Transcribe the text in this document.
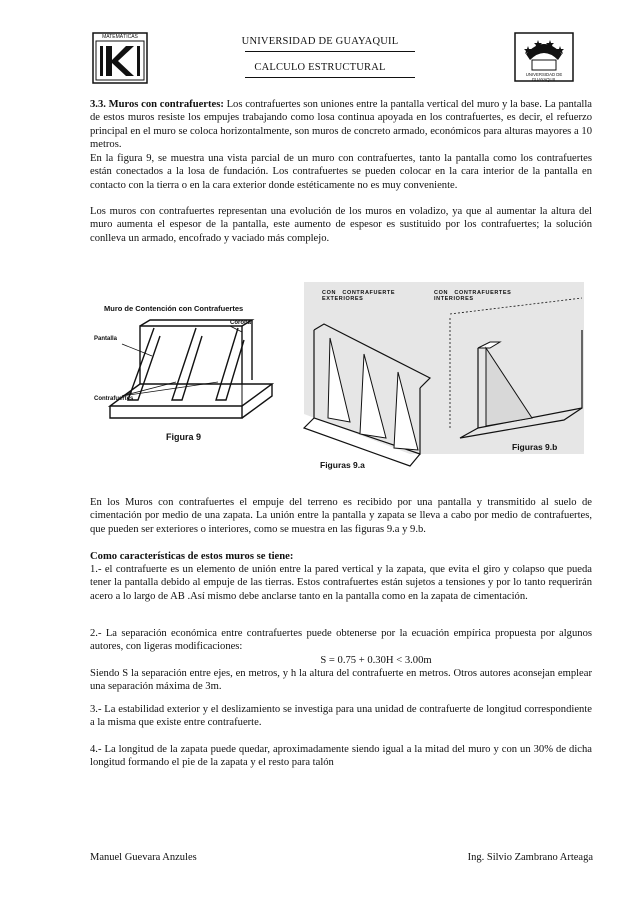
MATEMÁTICAS	UNIVERSIDAD DE GUAYAQUIL
CALCULO ESTRUCTURAL
UNIVERSIDAD DE GUAYAQUIL
3.3. Muros con contrafuertes: Los contrafuertes son uniones entre la pantalla vertical del muro y la base. La pantalla de estos muros resiste los empujes trabajando como losa continua apoyada en los contrafuertes, es decir, el refuerzo principal en el muro se coloca horizontalmente, son muros de concreto armado, económicos para alturas mayores a 10 metros.
En la figura 9, se muestra una vista parcial de un muro con contrafuertes, tanto la pantalla como los contrafuertes están conectados a la losa de fundación. Los contrafuertes se pueden colocar en la cara interior de la pantalla en contacto con la tierra o en la cara exterior donde estéticamente no es muy conveniente.
Los muros con contrafuertes representan una evolución de los muros en voladizo, ya que al aumentar la altura del muro aumenta el espesor de la pantalla, este aumento de espesor es sustituido por los contrafuertes; la solución conlleva un armado, encofrado y vaciado más complejo.
Muro de Contención con Contrafuertes
Corona
Pantalla
Contrafuertes
Figura 9
CON   CONTRAFUERTE
EXTERIORES
CON   CONTRAFUERTES
INTERIORES
Figuras 9.b
Figuras 9.a
En los Muros con contrafuertes el empuje del terreno es recibido por una pantalla y transmitido al suelo de cimentación por medio de una zapata. La unión entre la pantalla y zapata se lleva a cabo por medio de contrafuertes, que pueden ser exteriores o interiores, como se muestra en las figuras 9.a y 9.b.
Como características de estos muros se tiene:
1.- el contrafuerte es un elemento de unión entre la pared vertical y la zapata, que evita el giro y colapso que pueda tener la pantalla debido al empuje de las tierras. Estos contrafuertes están sujetos a tensiones y por lo tanto requerirán acero a lo largo de AB .Así mismo debe anclarse tanto en la pantalla como en la zapata de cimentación.
2.- La separación económica entre contrafuertes puede obtenerse por la ecuación empírica propuesta por algunos autores, con ligeras modificaciones:
S = 0.75 + 0.30H < 3.00m
Siendo S la separación entre ejes, en metros, y h la altura del contrafuerte en metros. Otros autores aconsejan emplear una separación máxima de 3m.
3.- La estabilidad exterior y el deslizamiento se investiga para una unidad de contrafuerte de longitud correspondiente a la misma que existe entre contrafuerte.
4.- La longitud de la zapata puede quedar, aproximadamente siendo igual a la mitad del muro y con un 30% de dicha longitud formando el pie de la zapata y el resto para talón
Manuel Guevara Anzules	Ing. Silvio Zambrano Arteaga
